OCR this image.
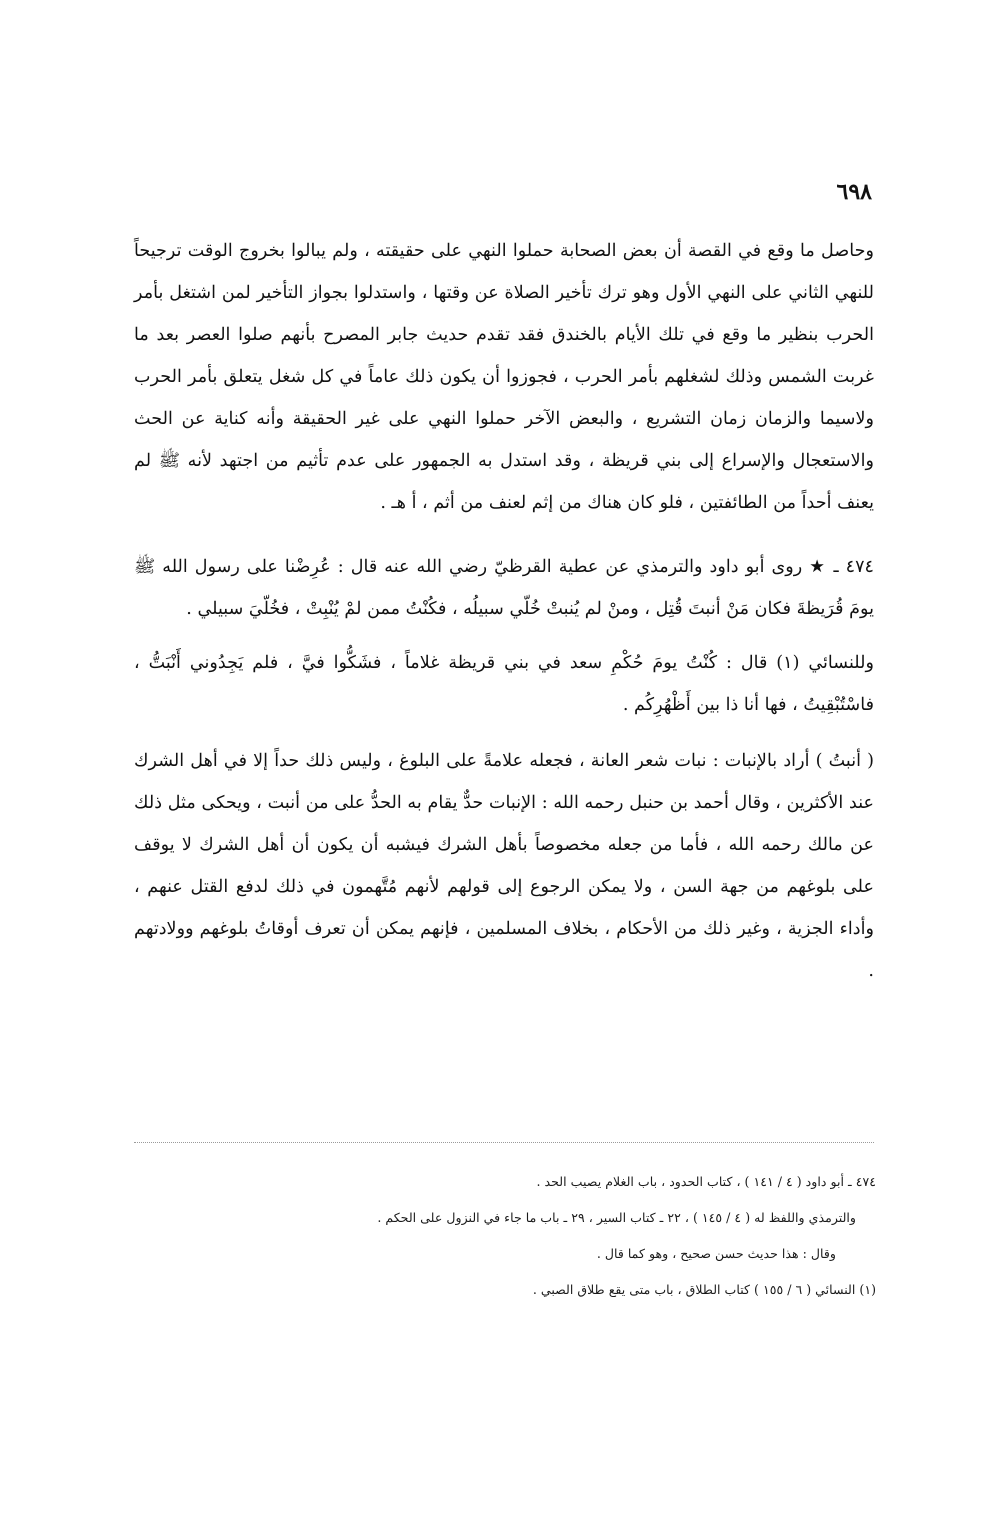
٦٩٨

وحاصل ما وقع في القصة أن بعض الصحابة حملوا النهي على حقيقته ، ولم يبالوا بخروج الوقت ترجيحاً للنهي الثاني على النهي الأول وهو ترك تأخير الصلاة عن وقتها ، واستدلوا بجواز التأخير لمن اشتغل بأمر الحرب بنظير ما وقع في تلك الأيام بالخندق فقد تقدم حديث جابر المصرح بأنهم صلوا العصر بعد ما غربت الشمس وذلك لشغلهم بأمر الحرب ، فجوزوا أن يكون ذلك عاماً في كل شغل يتعلق بأمر الحرب ولاسيما والزمان زمان التشريع ، والبعض الآخر حملوا النهي على غير الحقيقة وأنه كناية عن الحث والاستعجال والإسراع إلى بني قريظة ، وقد استدل به الجمهور على عدم تأثيم من اجتهد لأنه ﷺ لم يعنف أحداً من الطائفتين ، فلو كان هناك من إثم لعنف من أثم ، أ هـ .

٤٧٤ ـ ★ روى أبو داود والترمذي عن عطية القرظيّ رضي الله عنه قال : عُرِضْنا على رسول الله ﷺ يومَ قُرَيظةَ فكان مَنْ أنبتَ قُتِل ، ومنْ لم يُنبتْ خُلّي سبيلُه ، فكُنْتُ ممن لمْ يُنْبِتْ ، فخُلّيَ سبيلي .

وللنسائي (١) قال : كُنْتُ يومَ حُكْمِ سعد في بني قريظة غلاماً ، فشَكُّوا فيَّ ، فلم يَجِدُوني أَنْبَتُّ ، فاسْتُبْقِيتُ ، فها أنا ذا بين أَظْهُرِكُم .

( أنبتُ ) أراد بالإنبات : نبات شعر العانة ، فجعله علامةً على البلوغ ، وليس ذلك حداً إلا في أهل الشرك عند الأكثرين ، وقال أحمد بن حنبل رحمه الله : الإنبات حدٌّ يقام به الحدُّ على من أنبت ، ويحكى مثل ذلك عن مالك رحمه الله ، فأما من جعله مخصوصاً بأهل الشرك فيشبه أن يكون أن أهل الشرك لا يوقف على بلوغهم من جهة السن ، ولا يمكن الرجوع إلى قولهم لأنهم مُتَّهمون في ذلك لدفع القتل عنهم ، وأداء الجزية ، وغير ذلك من الأحكام ، بخلاف المسلمين ، فإنهم يمكن أن تعرف أوقاتُ بلوغهم وولادتهم .

٤٧٤ ـ أبو داود ( ٤ / ١٤١ ) ، كتاب الحدود ، باب الغلام يصيب الحد .

والترمذي واللفظ له ( ٤ / ١٤٥ ) ، ٢٢ ـ كتاب السير ، ٢٩ ـ باب ما جاء في النزول على الحكم .

وقال : هذا حديث حسن صحيح ، وهو كما قال .

(١) النسائي ( ٦ / ١٥٥ ) كتاب الطلاق ، باب متى يقع طلاق الصبي .
